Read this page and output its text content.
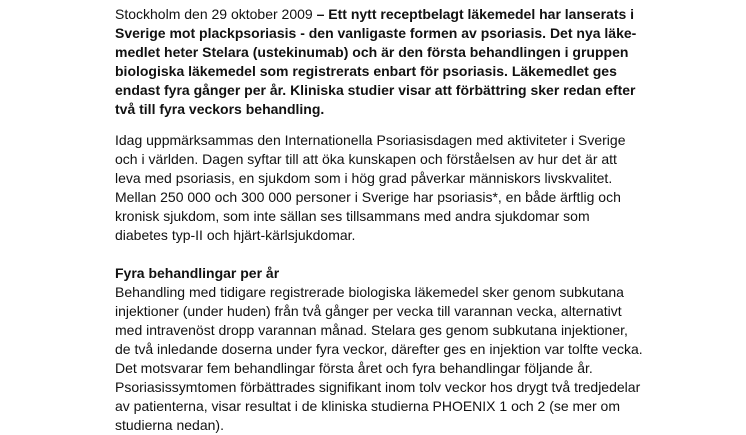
Stockholm den 29 oktober 2009 – Ett nytt receptbelagt läkemedel har lanserats i
Sverige mot plackpsoriasis - den vanligaste formen av psoriasis. Det nya läke-
medlet heter Stelara (ustekinumab) och är den första behandlingen i gruppen
biologiska läkemedel som registrerats enbart för psoriasis. Läkemedlet ges
endast fyra gånger per år. Kliniska studier visar att förbättring sker redan efter
två till fyra veckors behandling.

Idag uppmärksammas den Internationella Psoriasisdagen med aktiviteter i Sverige
och i världen. Dagen syftar till att öka kunskapen och förståelsen av hur det är att
leva med psoriasis, en sjukdom som i hög grad påverkar människors livskvalitet.
Mellan 250 000 och 300 000 personer i Sverige har psoriasis*, en både ärftlig och
kronisk sjukdom, som inte sällan ses tillsammans med andra sjukdomar som
diabetes typ-II och hjärt-kärlsjukdomar.

Fyra behandlingar per år

Behandling med tidigare registrerade biologiska läkemedel sker genom subkutana
injektioner (under huden) från två gånger per vecka till varannan vecka, alternativt
med intravenöst dropp varannan månad. Stelara ges genom subkutana injektioner,
de två inledande doserna under fyra veckor, därefter ges en injektion var tolfte vecka.
Det motsvarar fem behandlingar första året och fyra behandlingar följande år.
Psoriasissymtomen förbättrades signifikant inom tolv veckor hos drygt två tredjedelar
av patienterna, visar resultat i de kliniska studierna PHOENIX 1 och 2 (se mer om
studierna nedan).
